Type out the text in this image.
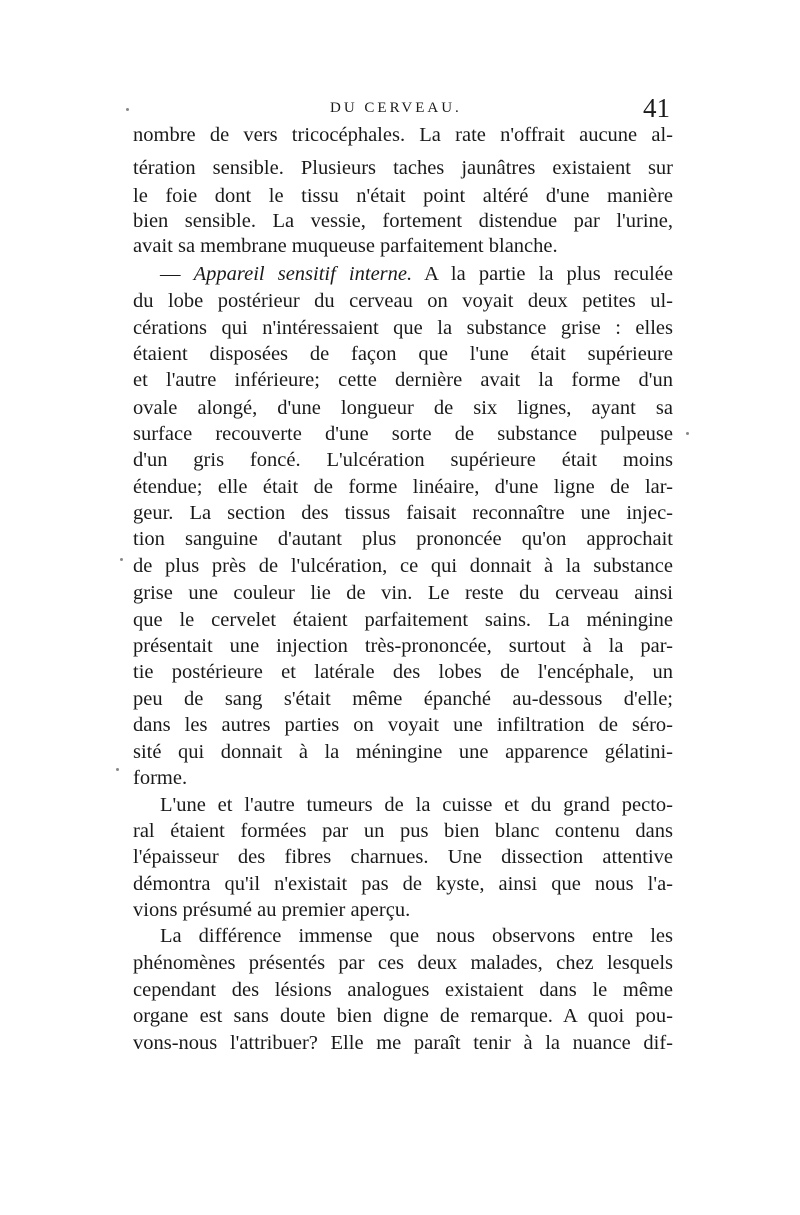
DU CERVEAU.	41
nombre de vers tricocéphales. La rate n'offrait aucune al-
tération sensible. Plusieurs taches jaunâtres existaient sur
le foie dont le tissu n'était point altéré d'une manière
bien sensible. La vessie, fortement distendue par l'urine,
avait sa membrane muqueuse parfaitement blanche.
— Appareil sensitif interne. A la partie la plus reculée
du lobe postérieur du cerveau on voyait deux petites ul-
cérations qui n'intéressaient que la substance grise : elles
étaient disposées de façon que l'une était supérieure
et l'autre inférieure; cette dernière avait la forme d'un
ovale alongé, d'une longueur de six lignes, ayant sa
surface recouverte d'une sorte de substance pulpeuse
d'un gris foncé. L'ulcération supérieure était moins
étendue; elle était de forme linéaire, d'une ligne de lar-
geur. La section des tissus faisait reconnaître une injec-
tion sanguine d'autant plus prononcée qu'on approchait
de plus près de l'ulcération, ce qui donnait à la substance
grise une couleur lie de vin. Le reste du cerveau ainsi
que le cervelet étaient parfaitement sains. La méningine
présentait une injection très-prononcée, surtout à la par-
tie postérieure et latérale des lobes de l'encéphale, un
peu de sang s'était même épanché au-dessous d'elle;
dans les autres parties on voyait une infiltration de séro-
sité qui donnait à la méningine une apparence gélatini-
forme.
L'une et l'autre tumeurs de la cuisse et du grand pecto-
ral étaient formées par un pus bien blanc contenu dans
l'épaisseur des fibres charnues. Une dissection attentive
démontra qu'il n'existait pas de kyste, ainsi que nous l'a-
vions présumé au premier aperçu.
La différence immense que nous observons entre les
phénomènes présentés par ces deux malades, chez lesquels
cependant des lésions analogues existaient dans le même
organe est sans doute bien digne de remarque. A quoi pou-
vons-nous l'attribuer? Elle me paraît tenir à la nuance dif-
